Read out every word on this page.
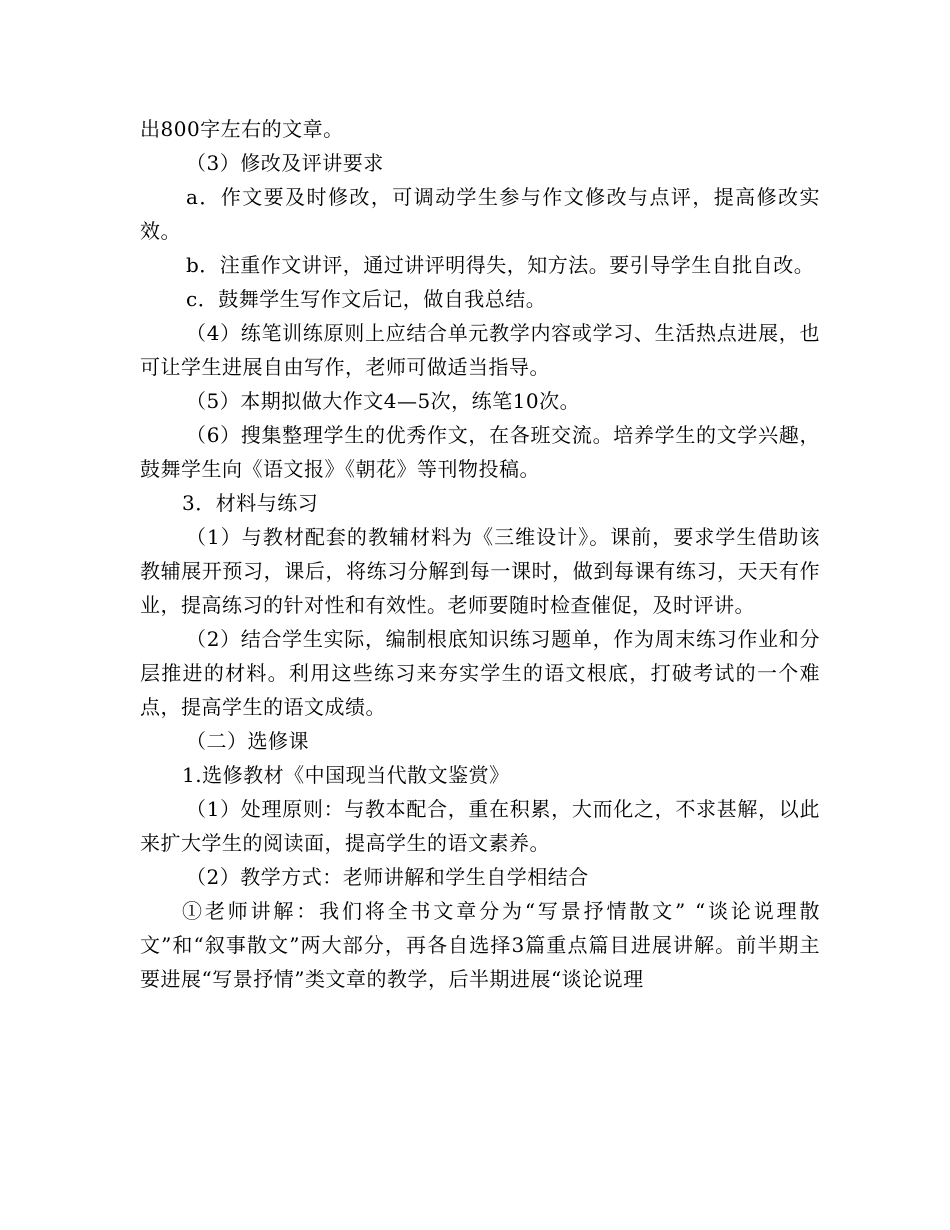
出800字左右的文章。

（3）修改及评讲要求

a．作文要及时修改，可调动学生参与作文修改与点评，提高修改实效。

b．注重作文讲评，通过讲评明得失，知方法。要引导学生自批自改。

c．鼓舞学生写作文后记，做自我总结。

（4）练笔训练原则上应结合单元教学内容或学习、生活热点进展，也可让学生进展自由写作，老师可做适当指导。

（5）本期拟做大作文4—5次，练笔10次。

（6）搜集整理学生的优秀作文，在各班交流。培养学生的文学兴趣，鼓舞学生向《语文报》《朝花》等刊物投稿。

3．材料与练习

（1）与教材配套的教辅材料为《三维设计》。课前，要求学生借助该教辅展开预习，课后，将练习分解到每一课时，做到每课有练习，天天有作业，提高练习的针对性和有效性。老师要随时检查催促，及时评讲。

（2）结合学生实际，编制根底知识练习题单，作为周末练习作业和分层推进的材料。利用这些练习来夯实学生的语文根底，打破考试的一个难点，提高学生的语文成绩。

（二）选修课

1.选修教材《中国现当代散文鉴赏》

（1）处理原则：与教本配合，重在积累，大而化之，不求甚解，以此来扩大学生的阅读面，提高学生的语文素养。

（2）教学方式：老师讲解和学生自学相结合

①老师讲解：我们将全书文章分为“写景抒情散文” “谈论说理散文”和“叙事散文”两大部分，再各自选择3篇重点篇目进展讲解。前半期主要进展“写景抒情”类文章的教学，后半期进展“谈论说理
